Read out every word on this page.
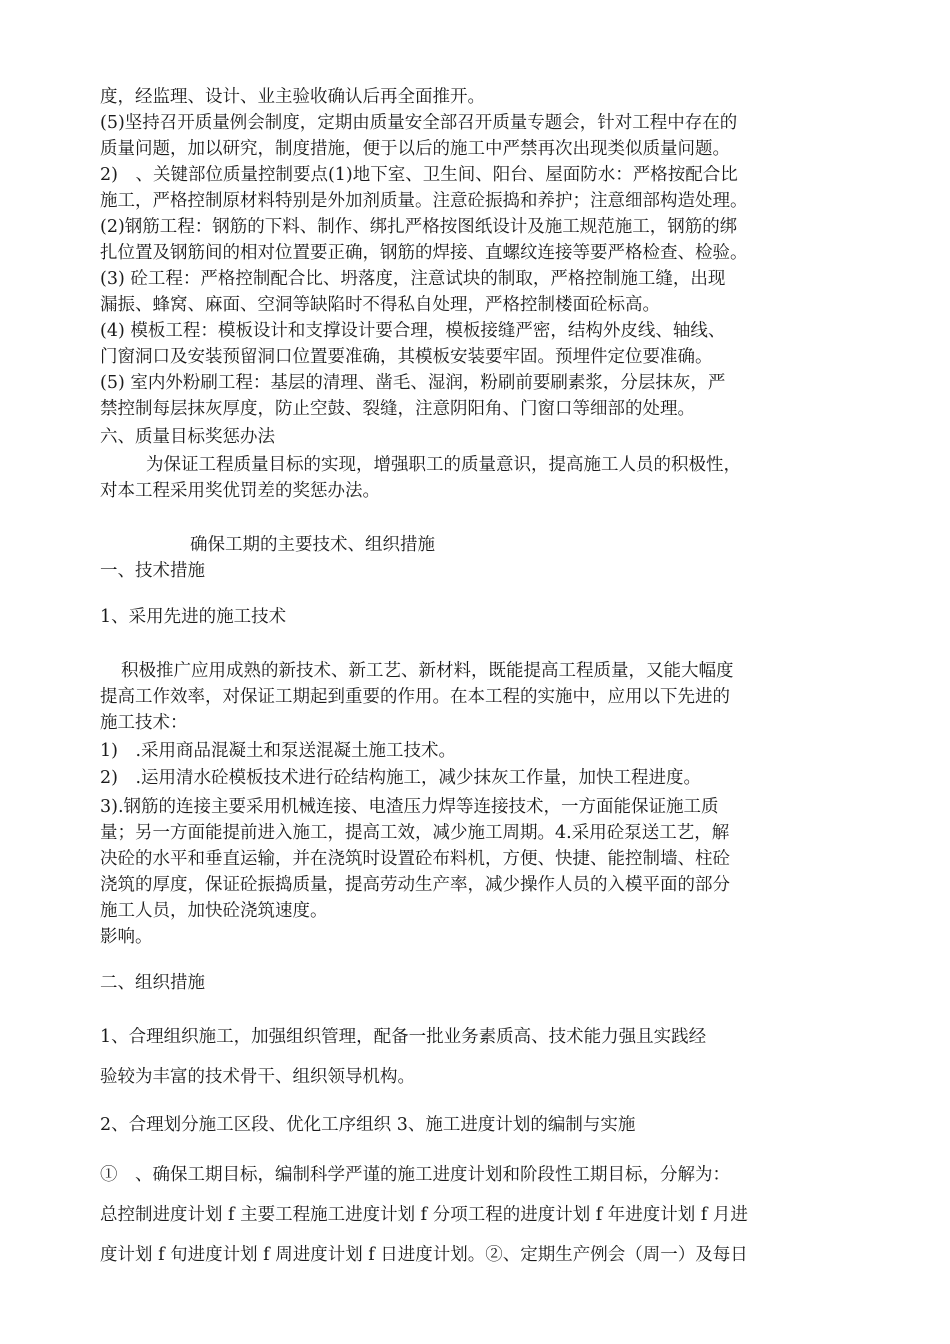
度，经监理、设计、业主验收确认后再全面推开。
(5)坚持召开质量例会制度，定期由质量安全部召开质量专题会，针对工程中存在的
质量问题，加以研究，制度措施，便于以后的施工中严禁再次出现类似质量问题。
2)　、关键部位质量控制要点(1)地下室、卫生间、阳台、屋面防水：严格按配合比
施工，严格控制原材料特别是外加剂质量。注意砼振捣和养护；注意细部构造处理。
(2)钢筋工程：钢筋的下料、制作、绑扎严格按图纸设计及施工规范施工，钢筋的绑
扎位置及钢筋间的相对位置要正确，钢筋的焊接、直螺纹连接等要严格检查、检验。
(3) 砼工程：严格控制配合比、坍落度，注意试块的制取，严格控制施工缝，出现
漏振、蜂窝、麻面、空洞等缺陷时不得私自处理，严格控制楼面砼标高。
(4) 模板工程：模板设计和支撑设计要合理，模板接缝严密，结构外皮线、轴线、
门窗洞口及安装预留洞口位置要准确，其模板安装要牢固。预埋件定位要准确。
(5) 室内外粉刷工程：基层的清理、凿毛、湿润，粉刷前要刷素浆，分层抹灰，严
禁控制每层抹灰厚度，防止空鼓、裂缝，注意阴阳角、门窗口等细部的处理。
六、质量目标奖惩办法
为保证工程质量目标的实现，增强职工的质量意识，提高施工人员的积极性，
对本工程采用奖优罚差的奖惩办法。
确保工期的主要技术、组织措施
一、技术措施
1、采用先进的施工技术
积极推广应用成熟的新技术、新工艺、新材料，既能提高工程质量，又能大幅度
提高工作效率，对保证工期起到重要的作用。在本工程的实施中，应用以下先进的
施工技术：
1)　.采用商品混凝土和泵送混凝土施工技术。
2)　.运用清水砼模板技术进行砼结构施工，减少抹灰工作量，加快工程进度。
3).钢筋的连接主要采用机械连接、电渣压力焊等连接技术，一方面能保证施工质
量；另一方面能提前进入施工，提高工效，减少施工周期。4.采用砼泵送工艺，解
决砼的水平和垂直运输，并在浇筑时设置砼布料机，方便、快捷、能控制墙、柱砼
浇筑的厚度，保证砼振捣质量，提高劳动生产率，减少操作人员的入模平面的部分
施工人员，加快砼浇筑速度。
影响。
二、组织措施
1、合理组织施工，加强组织管理，配备一批业务素质高、技术能力强且实践经
验较为丰富的技术骨干、组织领导机构。
2、合理划分施工区段、优化工序组织 3、施工进度计划的编制与实施
①　、确保工期目标，编制科学严谨的施工进度计划和阶段性工期目标，分解为：
总控制进度计划 f 主要工程施工进度计划 f 分项工程的进度计划 f 年进度计划 f 月进
度计划 f 旬进度计划 f 周进度计划 f 日进度计划。②、定期生产例会（周一）及每日
